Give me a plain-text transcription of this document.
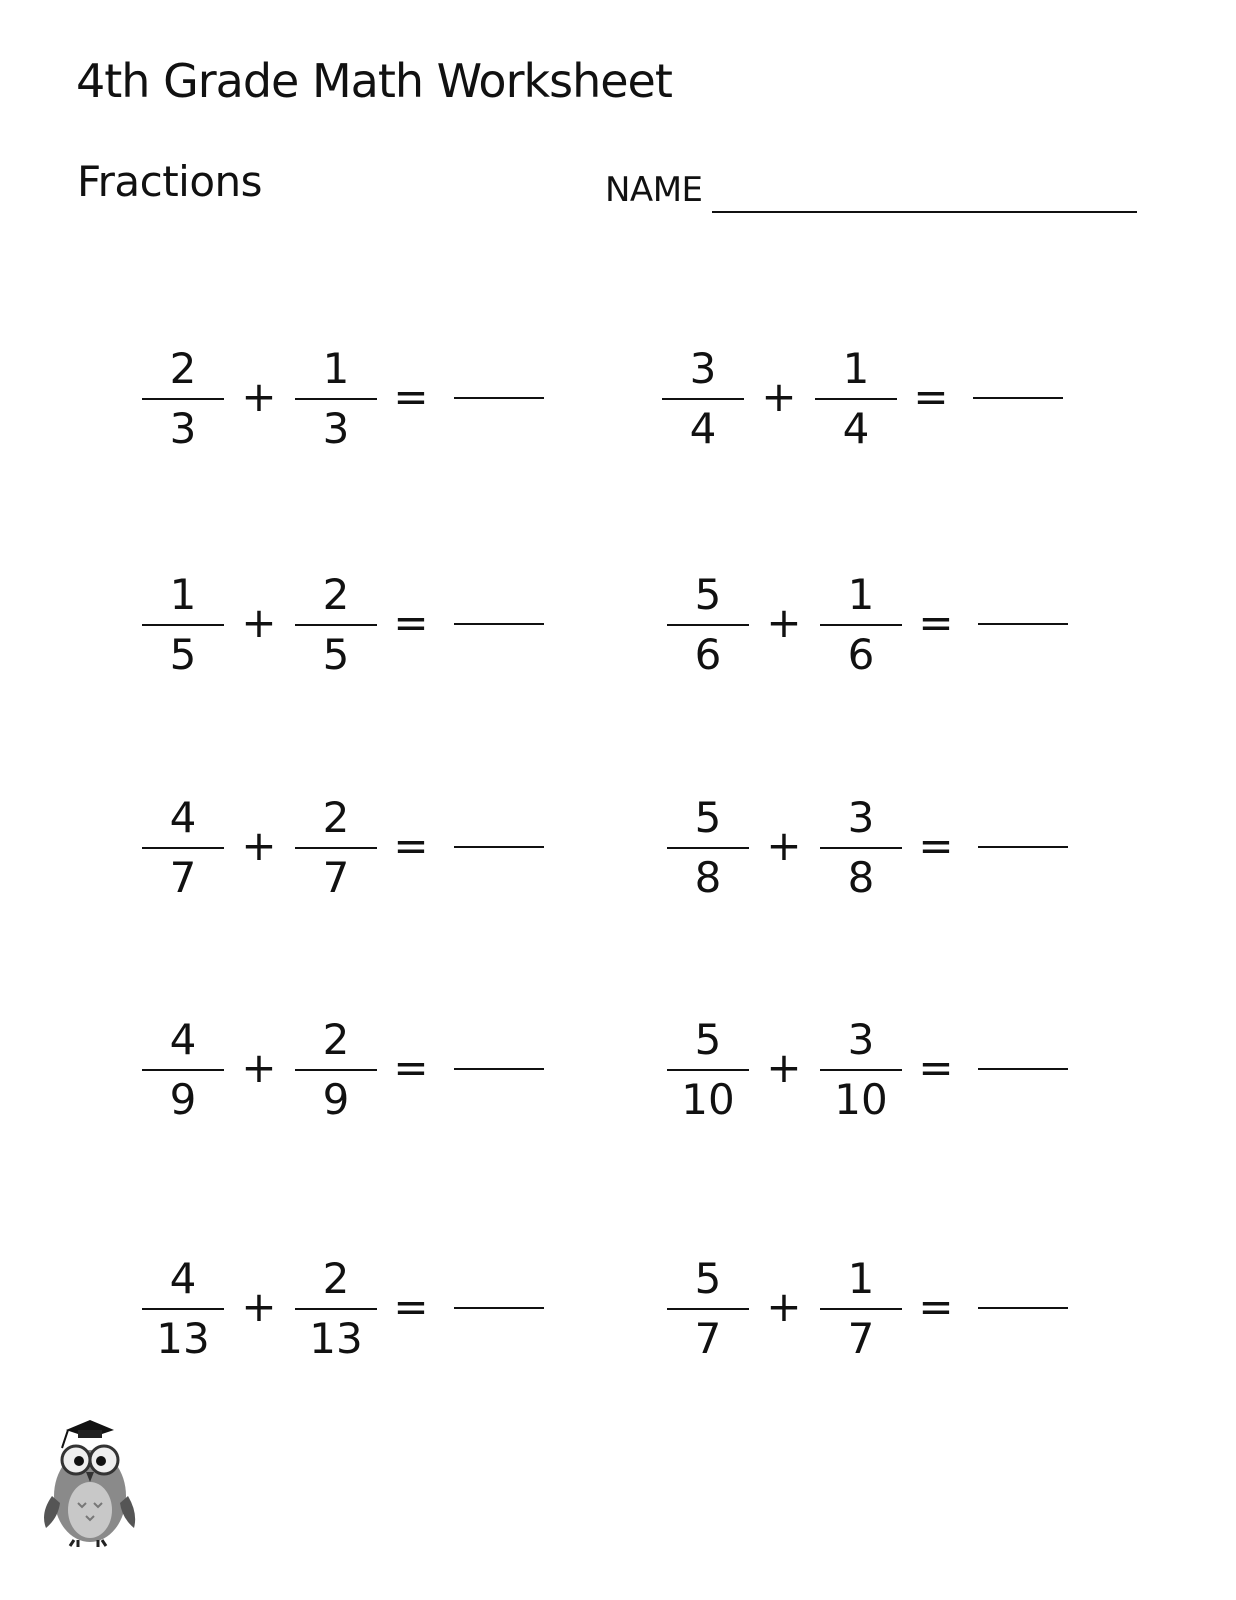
4th Grade Math Worksheet
Fractions	NAME
2
3
+
1
3
=
3
4
+
1
4
=
1
5
+
2
5
=
5
6
+
1
6
=
4
7
+
2
7
=
5
8
+
3
8
=
4
9
+
2
9
=
5
10
+
3
10
=
4
13
+
2
13
=
5
7
+
1
7
=
